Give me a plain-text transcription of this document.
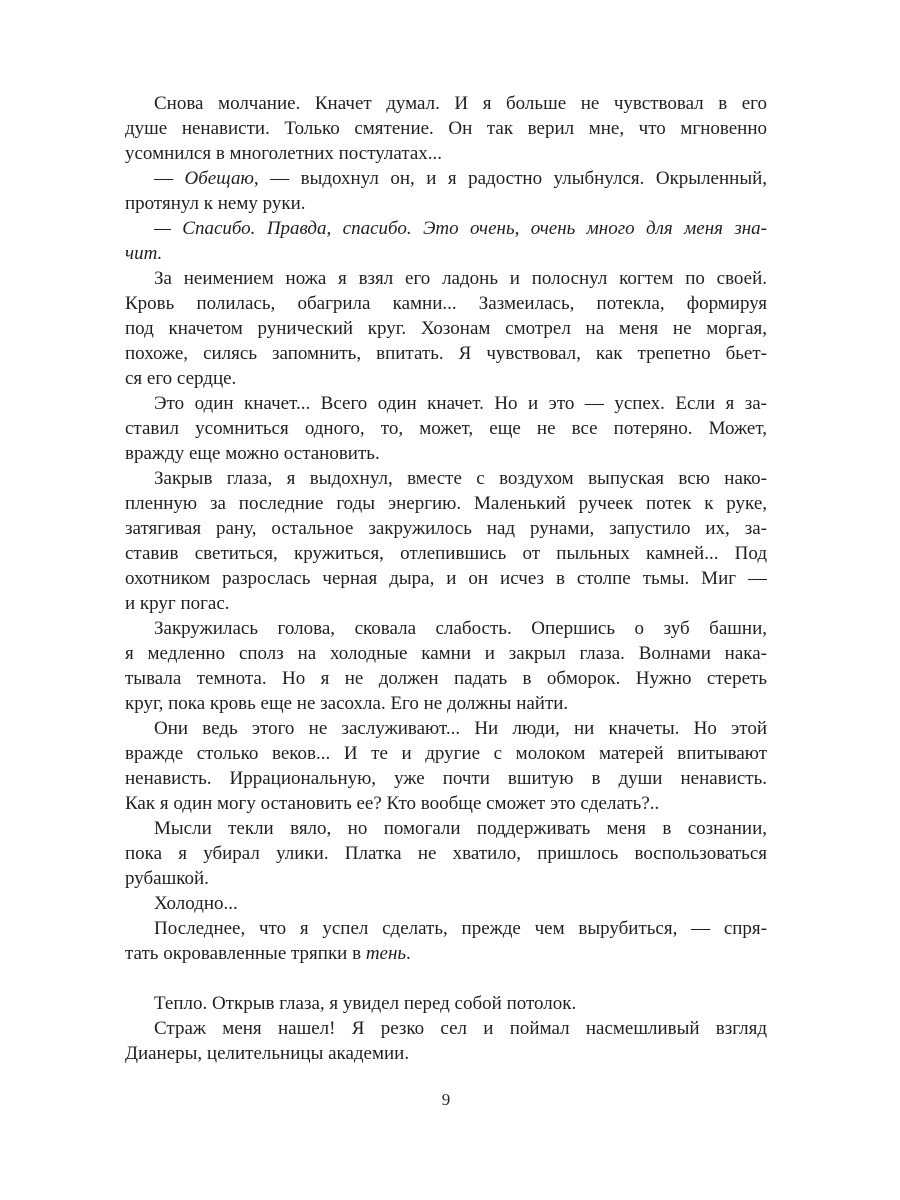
Снова молчание. Кначет думал. И я больше не чувствовал в его
душе ненависти. Только смятение. Он так верил мне, что мгновенно
усомнился в многолетних постулатах...
— Обещаю, — выдохнул он, и я радостно улыбнулся. Окрыленный,
протянул к нему руки.
— Спасибо. Правда, спасибо. Это очень, очень много для меня зна-
чит.
За неимением ножа я взял его ладонь и полоснул когтем по своей.
Кровь полилась, обагрила камни... Зазмеилась, потекла, формируя
под кначетом рунический круг. Хозонам смотрел на меня не моргая,
похоже, силясь запомнить, впитать. Я чувствовал, как трепетно бьет-
ся его сердце.
Это один кначет... Всего один кначет. Но и это — успех. Если я за-
ставил усомниться одного, то, может, еще не все потеряно. Может,
вражду еще можно остановить.
Закрыв глаза, я выдохнул, вместе с воздухом выпуская всю нако-
пленную за последние годы энергию. Маленький ручеек потек к руке,
затягивая рану, остальное закружилось над рунами, запустило их, за-
ставив светиться, кружиться, отлепившись от пыльных камней... Под
охотником разрослась черная дыра, и он исчез в столпе тьмы. Миг —
и круг погас.
Закружилась голова, сковала слабость. Опершись о зуб башни,
я медленно сполз на холодные камни и закрыл глаза. Волнами нака-
тывала темнота. Но я не должен падать в обморок. Нужно стереть
круг, пока кровь еще не засохла. Его не должны найти.
Они ведь этого не заслуживают... Ни люди, ни кначеты. Но этой
вражде столько веков... И те и другие с молоком матерей впитывают
ненависть. Иррациональную, уже почти вшитую в души ненависть.
Как я один могу остановить ее? Кто вообще сможет это сделать?..
Мысли текли вяло, но помогали поддерживать меня в сознании,
пока я убирал улики. Платка не хватило, пришлось воспользоваться
рубашкой.
Холодно...
Последнее, что я успел сделать, прежде чем вырубиться, — спря-
тать окровавленные тряпки в тень.
Тепло. Открыв глаза, я увидел перед собой потолок.
Страж меня нашел! Я резко сел и поймал насмешливый взгляд
Дианеры, целительницы академии.
9
